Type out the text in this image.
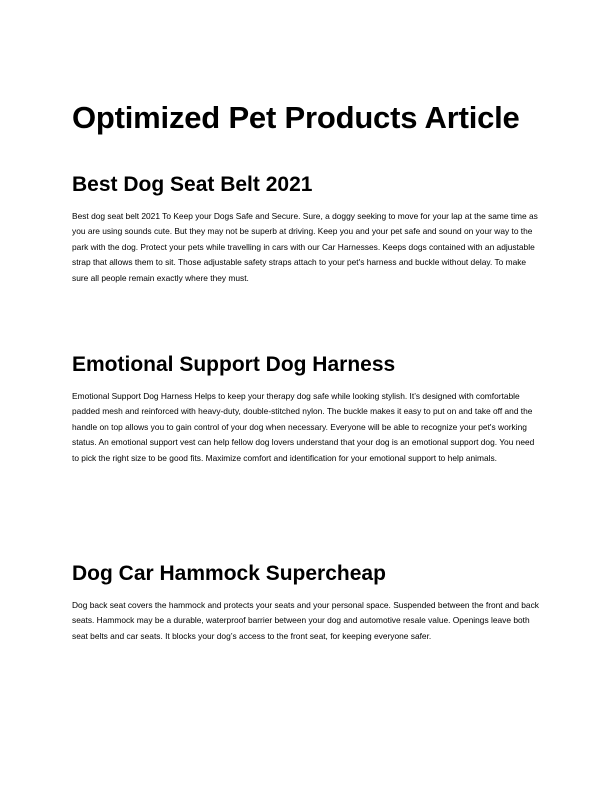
Optimized Pet Products Article
Best Dog Seat Belt 2021

Best dog seat belt 2021 To Keep your Dogs Safe and Secure. Sure, a doggy seeking to move for your lap at the same time as you are using sounds cute. But they may not be superb at driving. Keep you and your pet safe and sound on your way to the park with the dog. Protect your pets while travelling in cars with our Car Harnesses. Keeps dogs contained with an adjustable strap that allows them to sit. Those adjustable safety straps attach to your pet's harness and buckle without delay. To make sure all people remain exactly where they must.

Emotional Support Dog Harness

Emotional Support Dog Harness Helps to keep your therapy dog safe while looking stylish. It’s designed with comfortable padded mesh and reinforced with heavy-duty, double-stitched nylon. The buckle makes it easy to put on and take off and the handle on top allows you to gain control of your dog when necessary. Everyone will be able to recognize your pet's working status. An emotional support vest can help fellow dog lovers understand that your dog is an emotional support dog. You need to pick the right size to be good fits. Maximize comfort and identification for your emotional support to help animals.

Dog Car Hammock Supercheap

Dog back seat covers the hammock and protects your seats and your personal space. Suspended between the front and back seats. Hammock may be a durable, waterproof barrier between your dog and automotive resale value. Openings leave both seat belts and car seats. It blocks your dog’s access to the front seat, for keeping everyone safer.
